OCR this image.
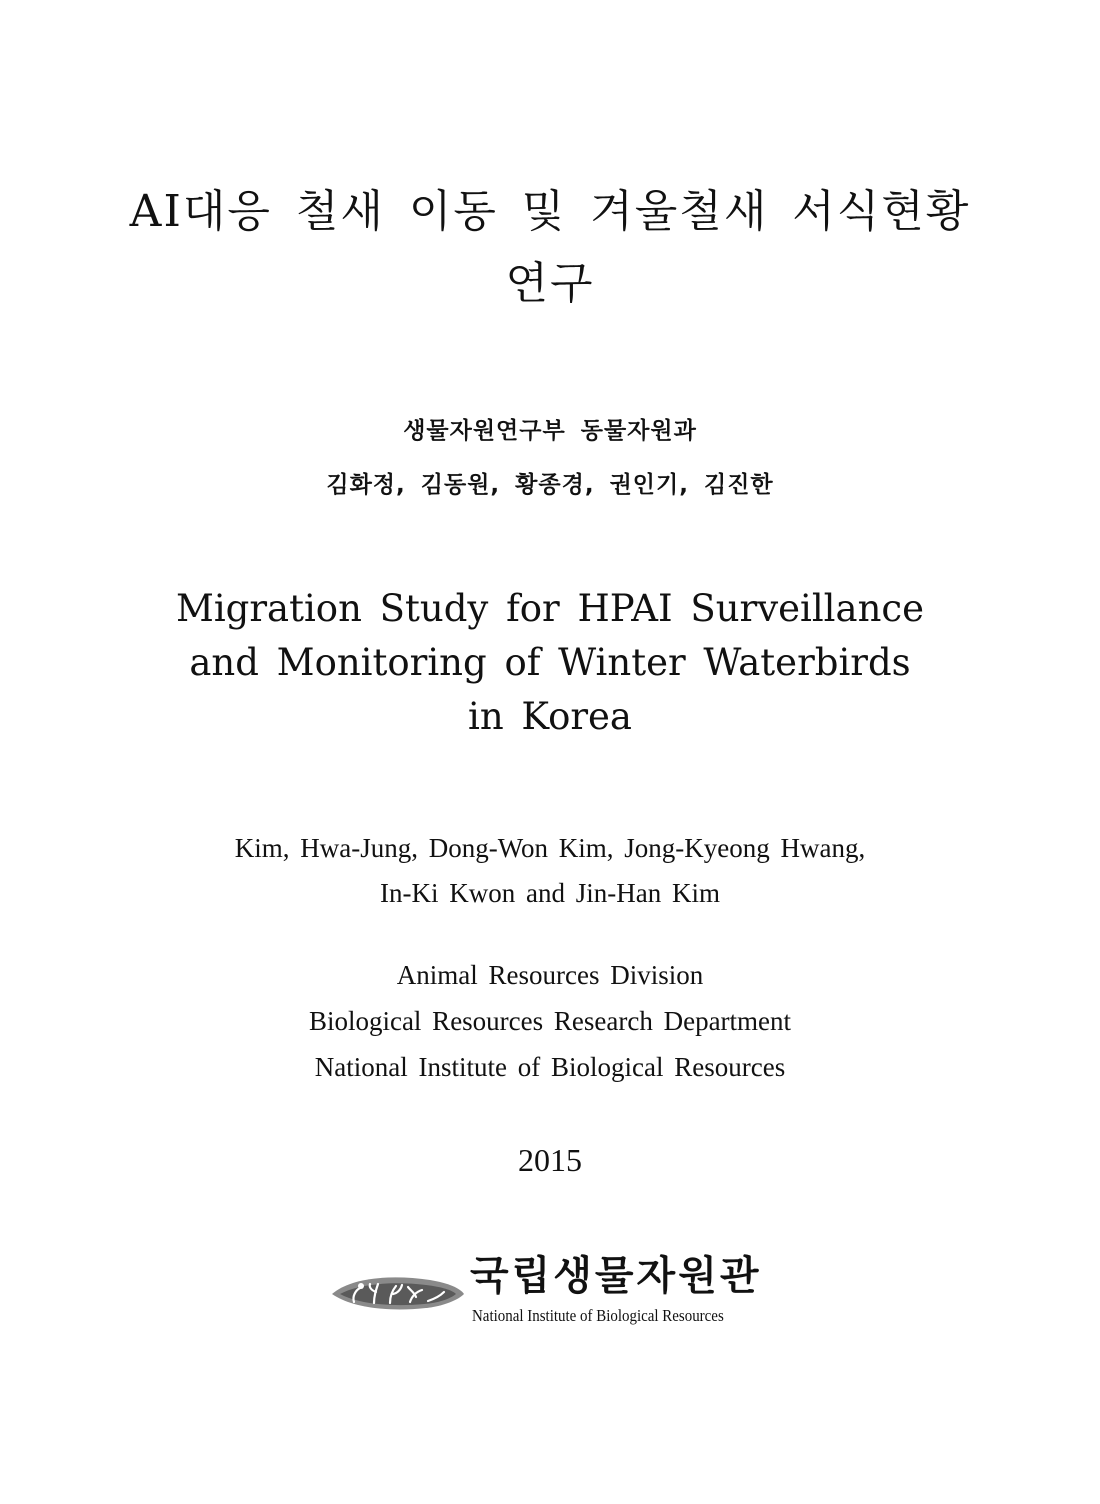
AI대응 철새 이동 및 겨울철새 서식현황
연구
생물자원연구부 동물자원과
김화정, 김동원, 황종경, 권인기, 김진한
Migration Study for HPAI Surveillance
and Monitoring of Winter Waterbirds
in Korea
Kim, Hwa-Jung, Dong-Won Kim, Jong-Kyeong Hwang,
In-Ki Kwon and Jin-Han Kim
Animal Resources Division
Biological Resources Research Department
National Institute of Biological Resources
2015
국립생물자원관
National Institute of Biological Resources
